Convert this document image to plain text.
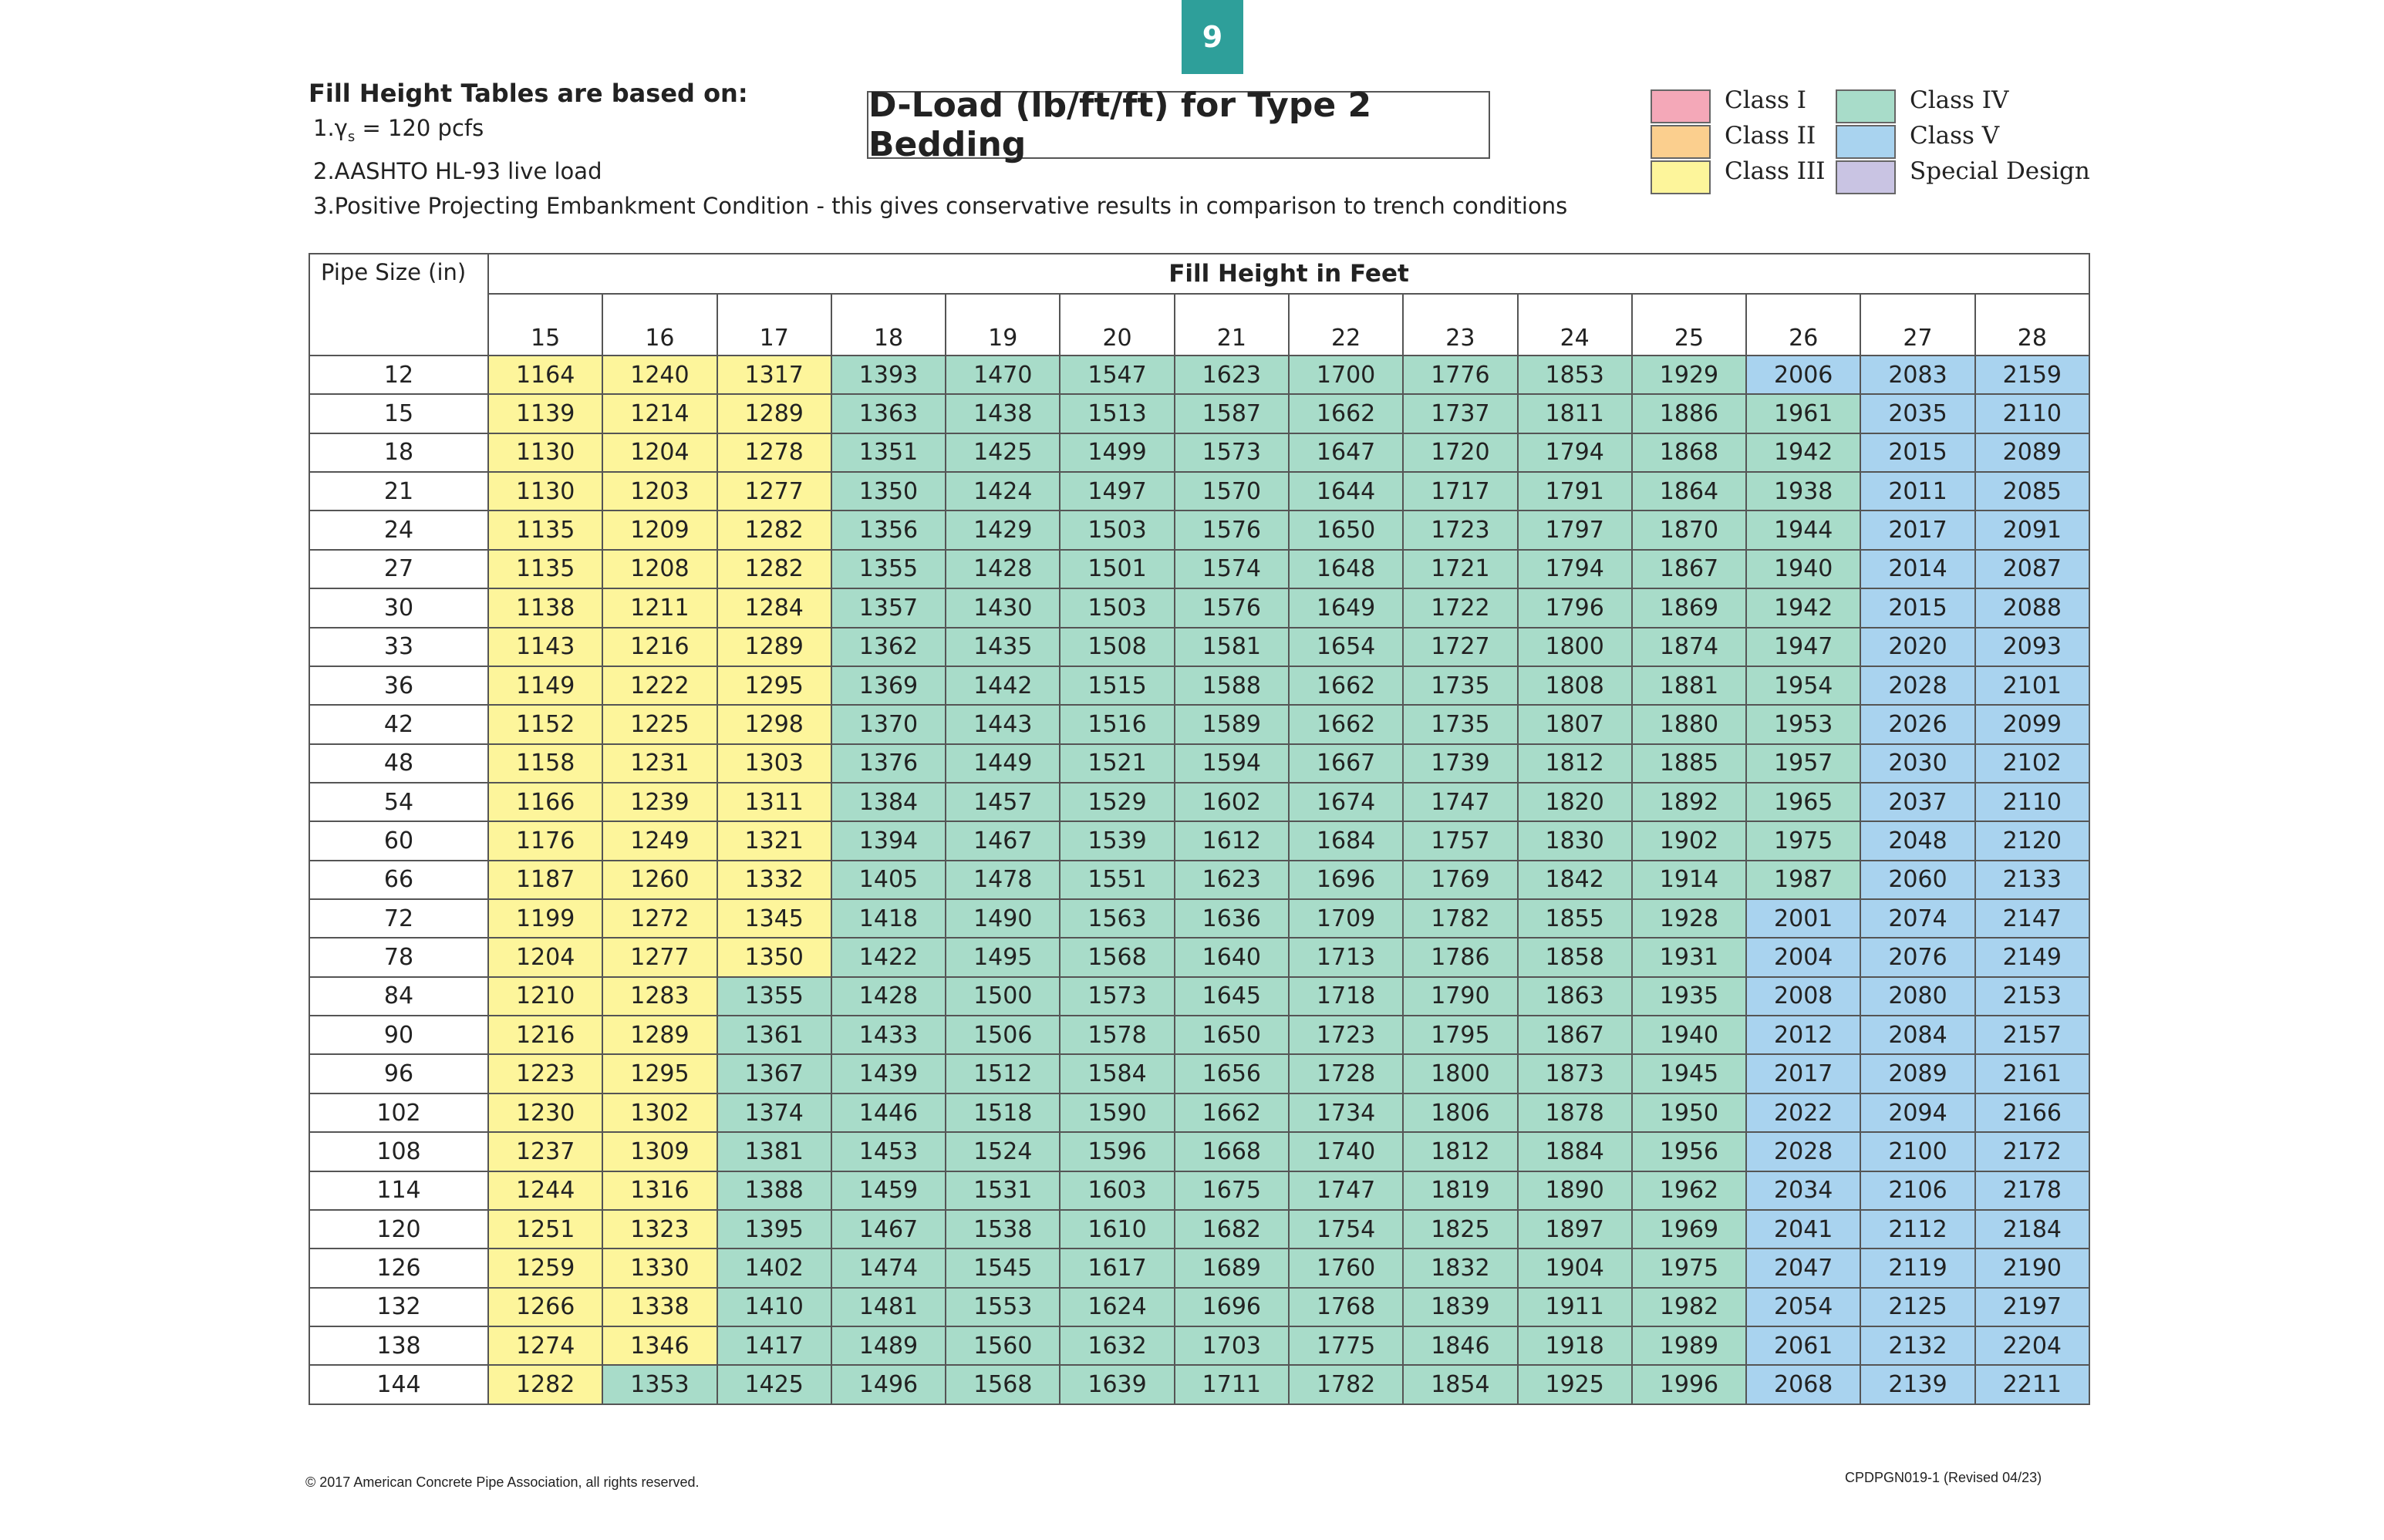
9
Fill Height Tables are based on:
$1.\gamma_s = 120$ pcfs
2.AASHTO HL-93 live load
3.Positive Projecting Embankment Condition - this gives conservative results in comparison to trench conditions
D-Load (lb/ft/ft) for Type 2 Bedding
Class I
Class II
Class III
Class IV
Class V
Special Design
Pipe Size (in)	Fill Height in Feet													
	15	16	17	18	19	20	21	22	23	24	25	26	27	28
12	1164	1240	1317	1393	1470	1547	1623	1700	1776	1853	1929	2006	2083	2159
15	1139	1214	1289	1363	1438	1513	1587	1662	1737	1811	1886	1961	2035	2110
18	1130	1204	1278	1351	1425	1499	1573	1647	1720	1794	1868	1942	2015	2089
21	1130	1203	1277	1350	1424	1497	1570	1644	1717	1791	1864	1938	2011	2085
24	1135	1209	1282	1356	1429	1503	1576	1650	1723	1797	1870	1944	2017	2091
27	1135	1208	1282	1355	1428	1501	1574	1648	1721	1794	1867	1940	2014	2087
30	1138	1211	1284	1357	1430	1503	1576	1649	1722	1796	1869	1942	2015	2088
33	1143	1216	1289	1362	1435	1508	1581	1654	1727	1800	1874	1947	2020	2093
36	1149	1222	1295	1369	1442	1515	1588	1662	1735	1808	1881	1954	2028	2101
42	1152	1225	1298	1370	1443	1516	1589	1662	1735	1807	1880	1953	2026	2099
48	1158	1231	1303	1376	1449	1521	1594	1667	1739	1812	1885	1957	2030	2102
54	1166	1239	1311	1384	1457	1529	1602	1674	1747	1820	1892	1965	2037	2110
60	1176	1249	1321	1394	1467	1539	1612	1684	1757	1830	1902	1975	2048	2120
66	1187	1260	1332	1405	1478	1551	1623	1696	1769	1842	1914	1987	2060	2133
72	1199	1272	1345	1418	1490	1563	1636	1709	1782	1855	1928	2001	2074	2147
78	1204	1277	1350	1422	1495	1568	1640	1713	1786	1858	1931	2004	2076	2149
84	1210	1283	1355	1428	1500	1573	1645	1718	1790	1863	1935	2008	2080	2153
90	1216	1289	1361	1433	1506	1578	1650	1723	1795	1867	1940	2012	2084	2157
96	1223	1295	1367	1439	1512	1584	1656	1728	1800	1873	1945	2017	2089	2161
102	1230	1302	1374	1446	1518	1590	1662	1734	1806	1878	1950	2022	2094	2166
108	1237	1309	1381	1453	1524	1596	1668	1740	1812	1884	1956	2028	2100	2172
114	1244	1316	1388	1459	1531	1603	1675	1747	1819	1890	1962	2034	2106	2178
120	1251	1323	1395	1467	1538	1610	1682	1754	1825	1897	1969	2041	2112	2184
126	1259	1330	1402	1474	1545	1617	1689	1760	1832	1904	1975	2047	2119	2190
132	1266	1338	1410	1481	1553	1624	1696	1768	1839	1911	1982	2054	2125	2197
138	1274	1346	1417	1489	1560	1632	1703	1775	1846	1918	1989	2061	2132	2204
144	1282	1353	1425	1496	1568	1639	1711	1782	1854	1925	1996	2068	2139	2211
© 2017 American Concrete Pipe Association, all rights reserved.	CPDPGN019-1 (Revised 04/23)
